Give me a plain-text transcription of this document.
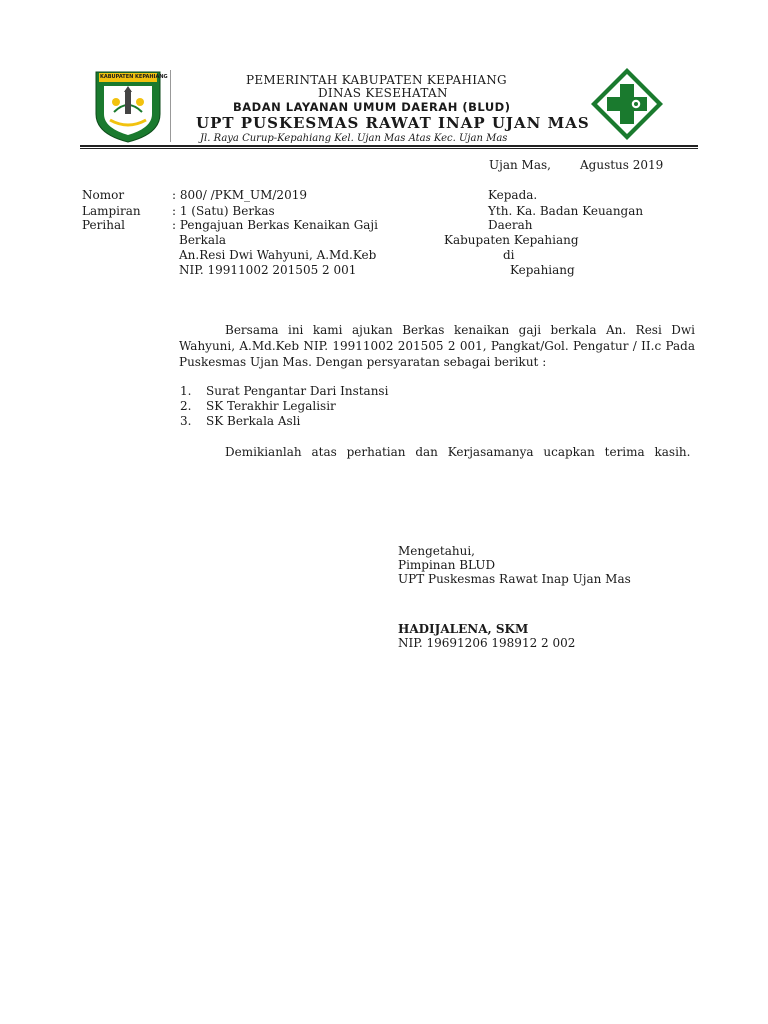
KABUPATEN KEPAHIANG	PEMERINTAH KABUPATEN KEPAHIANG
DINAS KESEHATAN
BADAN LAYANAN UMUM DAERAH (BLUD)
UPT PUSKESMAS RAWAT INAP UJAN MAS
Jl. Raya Curup-Kepahiang Kel. Ujan Mas Atas Kec. Ujan Mas
Ujan Mas, Agustus 2019
Nomor	: 800/ /PKM_UM/2019
Lampiran	: 1 (Satu) Berkas
Perihal	: Pengajuan Berkas Kenaikan Gaji
Berkala
An.Resi Dwi Wahyuni, A.Md.Keb
NIP. 19911002 201505 2 001
Kepada.
Yth. Ka. Badan Keuangan
Daerah
Kabupaten Kepahiang
di
Kepahiang
Bersama ini kami ajukan Berkas kenaikan gaji berkala An. Resi Dwi Wahyuni, A.Md.Keb NIP. 19911002 201505 2 001, Pangkat/Gol. Pengatur / II.c Pada Puskesmas Ujan Mas. Dengan persyaratan sebagai berikut :
1. Surat Pengantar Dari Instansi
2. SK Terakhir Legalisir
3. SK Berkala Asli
Demikianlah atas perhatian dan Kerjasamanya ucapkan terima kasih.
Mengetahui,
Pimpinan BLUD
UPT Puskesmas Rawat Inap Ujan Mas
HADIJALENA, SKM
NIP. 19691206 198912 2 002
